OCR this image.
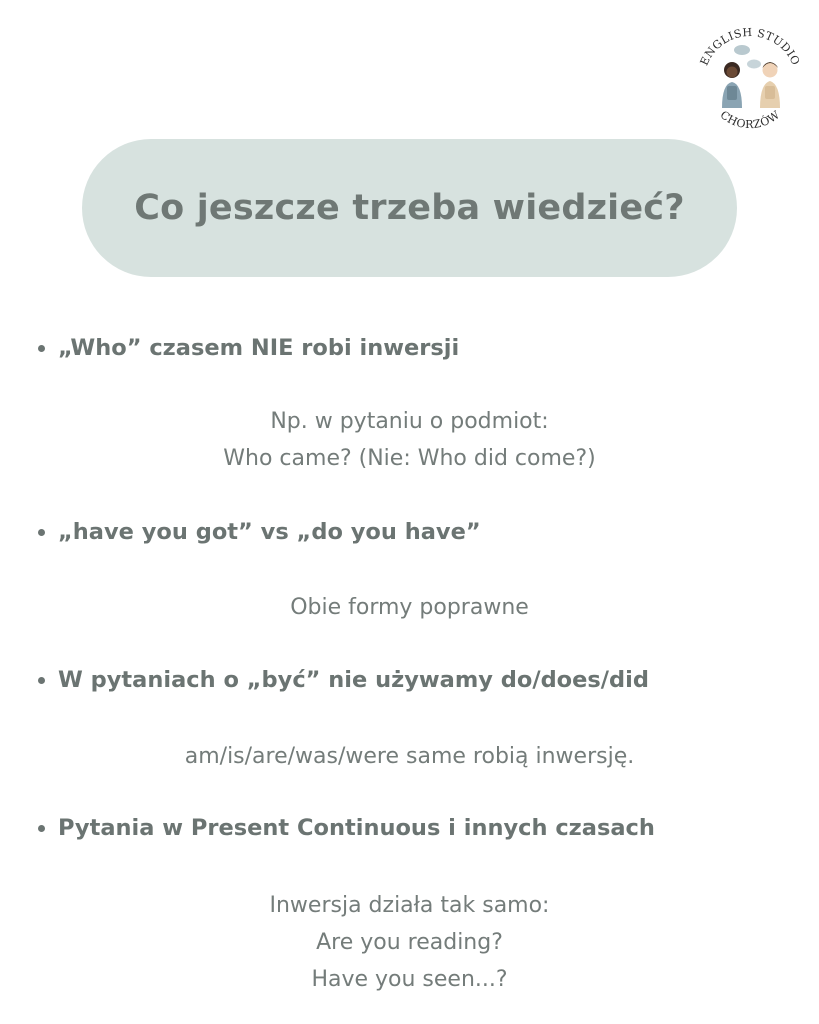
ENGLISH STUDIO
CHORZÓW
Co jeszcze trzeba wiedzieć?
„Who” czasem NIE robi inwersji
Np. w pytaniu o podmiot:
Who came? (Nie: Who did come?)
„have you got” vs „do you have”
Obie formy poprawne
W pytaniach o „być” nie używamy do/does/did
am/is/are/was/were same robią inwersję.
Pytania w Present Continuous i innych czasach
Inwersja działa tak samo:
Are you reading?
Have you seen...?
